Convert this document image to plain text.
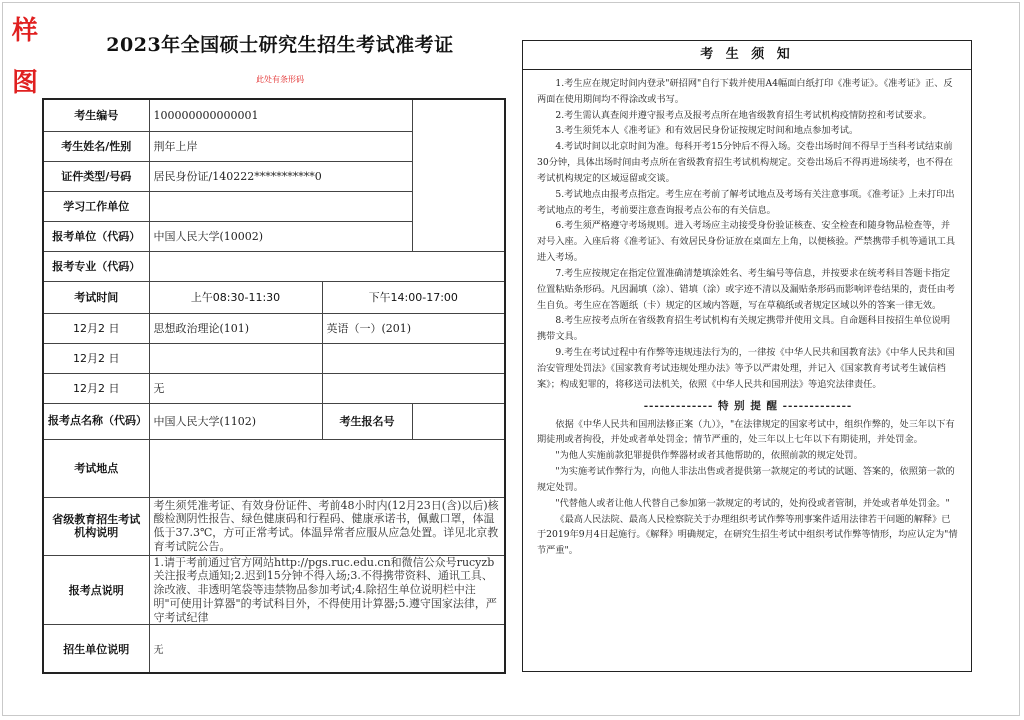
样
图
2023年全国硕士研究生招生考试准考证
此处有条形码
考生编号	100000000000001		
考生姓名/性别	荆年上岸		
证件类型/号码	居民身份证/140222***********0		
学习工作单位			
报考单位（代码）	中国人民大学(10002)		
报考专业（代码）			
考试时间	上午08:30-11:30	下午14:00-17:00	
12月2 日	思想政治理论(101)	英语（一）(201)	
12月2 日			
12月2 日	无		
报考点名称（代码）	中国人民大学(1102)	考生报名号	
考试地点			
省级教育招生考试机构说明	考生须凭准考证、有效身份证件、考前48小时内(12月23日(含)以后)核酸检测阴性报告、绿色健康码和行程码、健康承诺书，佩戴口罩，体温低于37.3℃，方可正常考试。体温异常者应服从应急处置。详见北京教育考试院公告。		
报考点说明	1.请于考前通过官方网站http://pgs.ruc.edu.cn和微信公众号rucyzb关注报考点通知;2.迟到15分钟不得入场;3.不得携带资料、通讯工具、涂改液、非透明笔袋等违禁物品参加考试;4.除招生单位说明栏中注明"可使用计算器"的考试科目外，不得使用计算器;5.遵守国家法律，严守考试纪律		
招生单位说明	无		
考 生 须 知

1.考生应在规定时间内登录"研招网"自行下载并使用A4幅面白纸打印《准考证》。《准考证》正、反两面在使用期间均不得涂改或书写。

2.考生需认真查阅并遵守报考点及报考点所在地省级教育招生考试机构疫情防控和考试要求。

3.考生须凭本人《准考证》和有效居民身份证按规定时间和地点参加考试。

4.考试时间以北京时间为准。每科开考15分钟后不得入场。交卷出场时间不得早于当科考试结束前30分钟，具体出场时间由考点所在省级教育招生考试机构规定。交卷出场后不得再进场续考，也不得在考试机构规定的区域逗留或交谈。

5.考试地点由报考点指定。考生应在考前了解考试地点及考场有关注意事项。《准考证》上未打印出考试地点的考生，考前要注意查询报考点公布的有关信息。

6.考生须严格遵守考场规则。进入考场应主动接受身份验证核查、安全检查和随身物品检查等，并对号入座。入座后将《准考证》、有效居民身份证放在桌面左上角，以便核验。严禁携带手机等通讯工具进入考场。

7.考生应按规定在指定位置准确清楚填涂姓名、考生编号等信息，并按要求在统考科目答题卡指定位置粘贴条形码。凡因漏填（涂）、错填（涂）或字迹不清以及漏贴条形码而影响评卷结果的，责任由考生自负。考生应在答题纸（卡）规定的区域内答题，写在草稿纸或者规定区域以外的答案一律无效。

8.考生应按考点所在省级教育招生考试机构有关规定携带并使用文具。自命题科目按招生单位说明携带文具。

9.考生在考试过程中有作弊等违规违法行为的，一律按《中华人民共和国教育法》《中华人民共和国治安管理处罚法》《国家教育考试违规处理办法》等予以严肃处理，并记入《国家教育考试考生诚信档案》；构成犯罪的，将移送司法机关，依照《中华人民共和国刑法》等追究法律责任。

------------- 特 别 提 醒 -------------

依据《中华人民共和国刑法修正案（九）》，"在法律规定的国家考试中，组织作弊的，处三年以下有期徒刑或者拘役，并处或者单处罚金；情节严重的，处三年以上七年以下有期徒刑，并处罚金。

"为他人实施前款犯罪提供作弊器材或者其他帮助的，依照前款的规定处罚。

"为实施考试作弊行为，向他人非法出售或者提供第一款规定的考试的试题、答案的，依照第一款的规定处罚。

"代替他人或者让他人代替自己参加第一款规定的考试的，处拘役或者管制，并处或者单处罚金。"

《最高人民法院、最高人民检察院关于办理组织考试作弊等刑事案件适用法律若干问题的解释》已于2019年9月4日起施行。《解释》明确规定，在研究生招生考试中组织考试作弊等情形，均应认定为"情节严重"。
